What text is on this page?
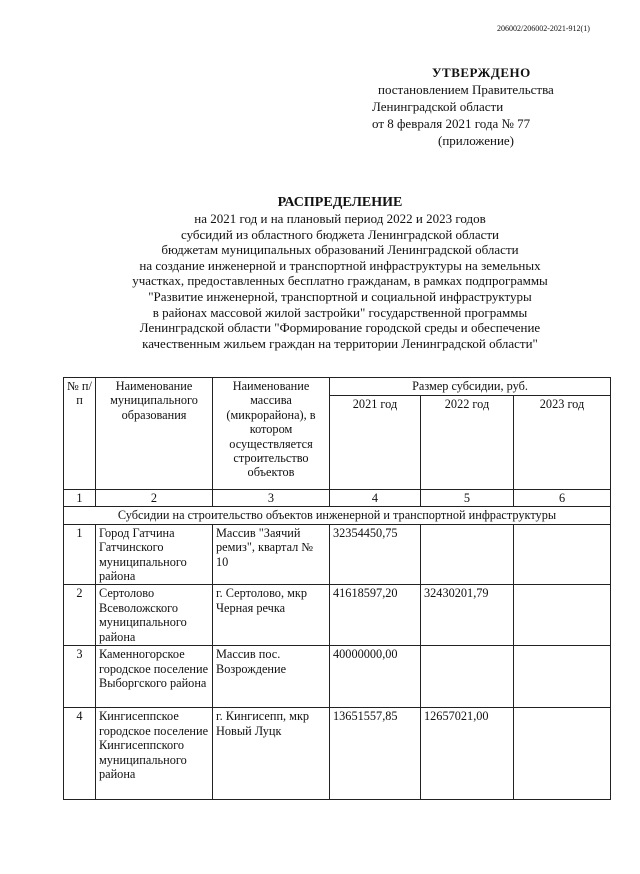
206002/206002-2021-912(1)
УТВЕРЖДЕНО
постановлением Правительства
Ленинградской области
от 8 февраля 2021 года № 77
(приложение)
РАСПРЕДЕЛЕНИЕ
на 2021 год и на плановый период 2022 и 2023 годов
субсидий из областного бюджета Ленинградской области
бюджетам муниципальных образований Ленинградской области
на создание инженерной и транспортной инфраструктуры на земельных
участках, предоставленных бесплатно гражданам, в рамках подпрограммы
"Развитие инженерной, транспортной и социальной инфраструктуры
в районах массовой жилой застройки" государственной программы
Ленинградской области "Формирование городской среды и обеспечение
качественным жильем граждан на территории Ленинградской области"
№ п/п	Наименование муниципального образования	Наименование массива (микрорайона), в котором осуществляется строительство объектов	Размер субсидии, руб.		
			2021 год	2022 год	2023 год
1	2	3	4	5	6
Субсидии на строительство объектов инженерной и транспортной инфраструктуры					
1	Город Гатчина Гатчинского муниципального района	Массив "Заячий ремиз", квартал № 10	32354450,75		
2	Сертолово Всеволожского муниципального района	г. Сертолово, мкр Черная речка	41618597,20	32430201,79	
3	Каменногорское городское поселение Выборгского района	Массив пос. Возрождение	40000000,00		
4	Кингисеппское городское поселение Кингисеппского муниципального района	г. Кингисепп, мкр Новый Луцк	13651557,85	12657021,00	
